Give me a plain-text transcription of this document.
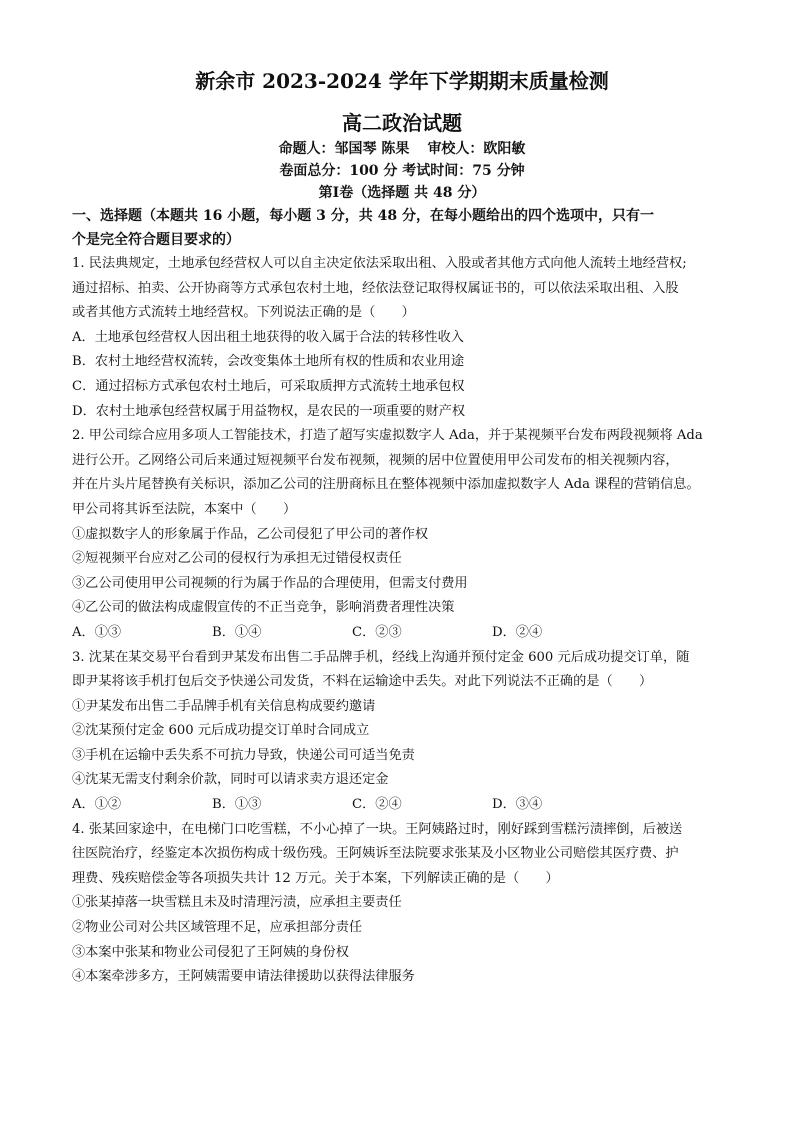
新余市 2023-2024 学年下学期期末质量检测
高二政治试题
命题人：邹国琴 陈果 审校人：欧阳敏
卷面总分：100 分 考试时间：75 分钟
第Ⅰ卷（选择题 共 48 分）
一、选择题（本题共 16 小题，每小题 3 分，共 48 分，在每小题给出的四个选项中，只有一
个是完全符合题目要求的）
1. 民法典规定，土地承包经营权人可以自主决定依法采取出租、入股或者其他方式向他人流转土地经营权;
通过招标、拍卖、公开协商等方式承包农村土地，经依法登记取得权属证书的，可以依法采取出租、入股
或者其他方式流转土地经营权。下列说法正确的是（　　）
A．土地承包经营权人因出租土地获得的收入属于合法的转移性收入
B．农村土地经营权流转，会改变集体土地所有权的性质和农业用途
C．通过招标方式承包农村土地后，可采取质押方式流转土地承包权
D．农村土地承包经营权属于用益物权，是农民的一项重要的财产权
2. 甲公司综合应用多项人工智能技术，打造了超写实虚拟数字人 Ada，并于某视频平台发布两段视频将 Ada
进行公开。乙网络公司后来通过短视频平台发布视频，视频的居中位置使用甲公司发布的相关视频内容，
并在片头片尾替换有关标识，添加乙公司的注册商标且在整体视频中添加虚拟数字人 Ada 课程的营销信息。
甲公司将其诉至法院，本案中（　　）
①虚拟数字人的形象属于作品，乙公司侵犯了甲公司的著作权
②短视频平台应对乙公司的侵权行为承担无过错侵权责任
③乙公司使用甲公司视频的行为属于作品的合理使用，但需支付费用
④乙公司的做法构成虚假宣传的不正当竞争，影响消费者理性决策
A．①③	B．①④	C．②③	D．②④
3. 沈某在某交易平台看到尹某发布出售二手品牌手机，经线上沟通并预付定金 600 元后成功提交订单，随
即尹某将该手机打包后交予快递公司发货，不料在运输途中丢失。对此下列说法不正确的是（　　）
①尹某发布出售二手品牌手机有关信息构成要约邀请
②沈某预付定金 600 元后成功提交订单时合同成立
③手机在运输中丢失系不可抗力导致，快递公司可适当免责
④沈某无需支付剩余价款，同时可以请求卖方退还定金
A．①②	B．①③	C．②④	D．③④
4. 张某回家途中，在电梯门口吃雪糕，不小心掉了一块。王阿姨路过时，刚好踩到雪糕污渍摔倒，后被送
往医院治疗，经鉴定本次损伤构成十级伤残。王阿姨诉至法院要求张某及小区物业公司赔偿其医疗费、护
理费、残疾赔偿金等各项损失共计 12 万元。关于本案，下列解读正确的是（　　）
①张某掉落一块雪糕且未及时清理污渍，应承担主要责任
②物业公司对公共区域管理不足，应承担部分责任
③本案中张某和物业公司侵犯了王阿姨的身份权
④本案牵涉多方，王阿姨需要申请法律援助以获得法律服务
